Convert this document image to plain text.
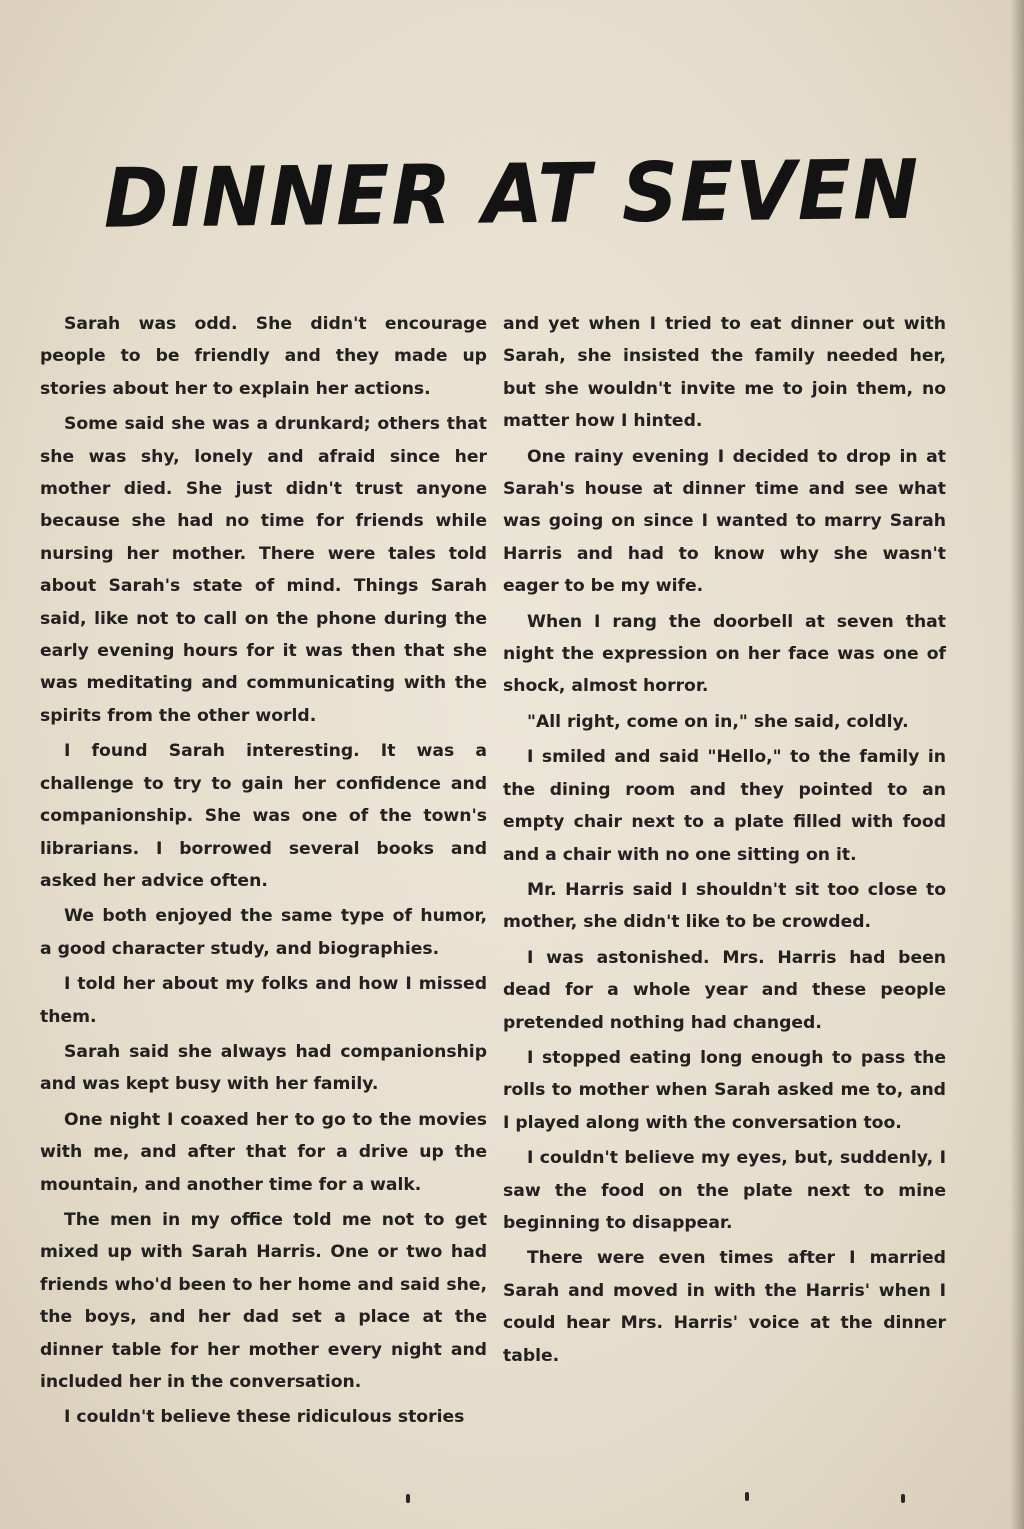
DINNER AT SEVEN

Sarah was odd. She didn't encourage people to be friendly and they made up stories about her to explain her actions.

Some said she was a drunkard; others that she was shy, lonely and afraid since her mother died. She just didn't trust anyone because she had no time for friends while nursing her mother. There were tales told about Sarah's state of mind. Things Sarah said, like not to call on the phone during the early evening hours for it was then that she was meditating and communicating with the spirits from the other world.

I found Sarah interesting. It was a challenge to try to gain her confidence and companionship. She was one of the town's librarians. I borrowed several books and asked her advice often.

We both enjoyed the same type of humor, a good character study, and biographies.

I told her about my folks and how I missed them.

Sarah said she always had companionship and was kept busy with her family.

One night I coaxed her to go to the movies with me, and after that for a drive up the mountain, and another time for a walk.

The men in my office told me not to get mixed up with Sarah Harris. One or two had friends who'd been to her home and said she, the boys, and her dad set a place at the dinner table for her mother every night and included her in the conversation.

I couldn't believe these ridiculous stories

and yet when I tried to eat dinner out with Sarah, she insisted the family needed her, but she wouldn't invite me to join them, no matter how I hinted.

One rainy evening I decided to drop in at Sarah's house at dinner time and see what was going on since I wanted to marry Sarah Harris and had to know why she wasn't eager to be my wife.

When I rang the doorbell at seven that night the expression on her face was one of shock, almost horror.

"All right, come on in," she said, coldly.

I smiled and said "Hello," to the family in the dining room and they pointed to an empty chair next to a plate filled with food and a chair with no one sitting on it.

Mr. Harris said I shouldn't sit too close to mother, she didn't like to be crowded.

I was astonished. Mrs. Harris had been dead for a whole year and these people pretended nothing had changed.

I stopped eating long enough to pass the rolls to mother when Sarah asked me to, and I played along with the conversation too.

I couldn't believe my eyes, but, suddenly, I saw the food on the plate next to mine beginning to disappear.

There were even times after I married Sarah and moved in with the Harris' when I could hear Mrs. Harris' voice at the dinner table.
